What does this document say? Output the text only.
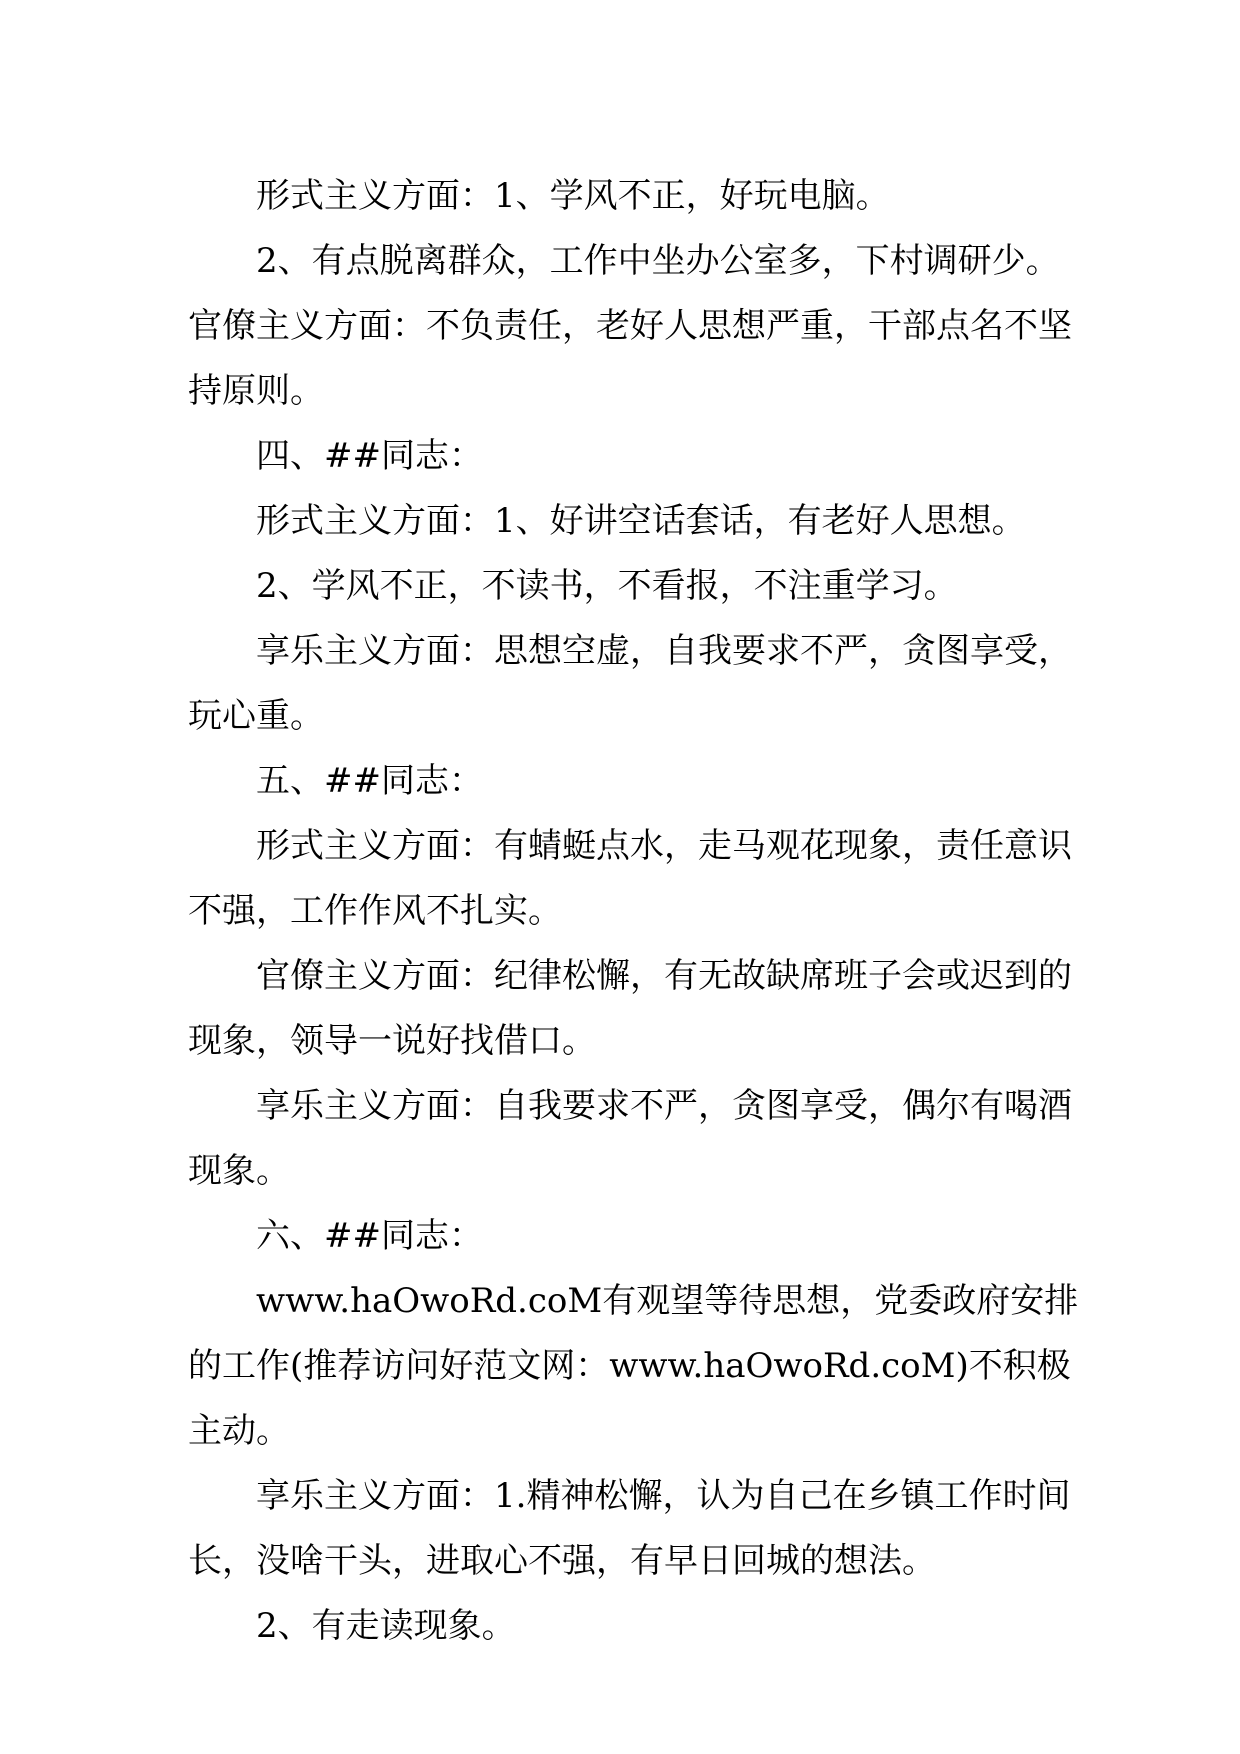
形式主义方面：1、学风不正，好玩电脑。

2、有点脱离群众，工作中坐办公室多，下村调研少。

官僚主义方面：不负责任，老好人思想严重，干部点名不坚持原则。

四、##同志：

形式主义方面：1、好讲空话套话，有老好人思想。

2、学风不正，不读书，不看报，不注重学习。

享乐主义方面：思想空虚，自我要求不严，贪图享受，玩心重。

五、##同志：

形式主义方面：有蜻蜓点水，走马观花现象，责任意识不强，工作作风不扎实。

官僚主义方面：纪律松懈，有无故缺席班子会或迟到的现象，领导一说好找借口。

享乐主义方面：自我要求不严，贪图享受，偶尔有喝酒现象。

六、##同志：

www.haOwoRd.coM有观望等待思想，党委政府安排的工作(推荐访问好范文网：www.haOwoRd.coM)不积极主动。

享乐主义方面：1.精神松懈，认为自己在乡镇工作时间长，没啥干头，进取心不强，有早日回城的想法。

2、有走读现象。
